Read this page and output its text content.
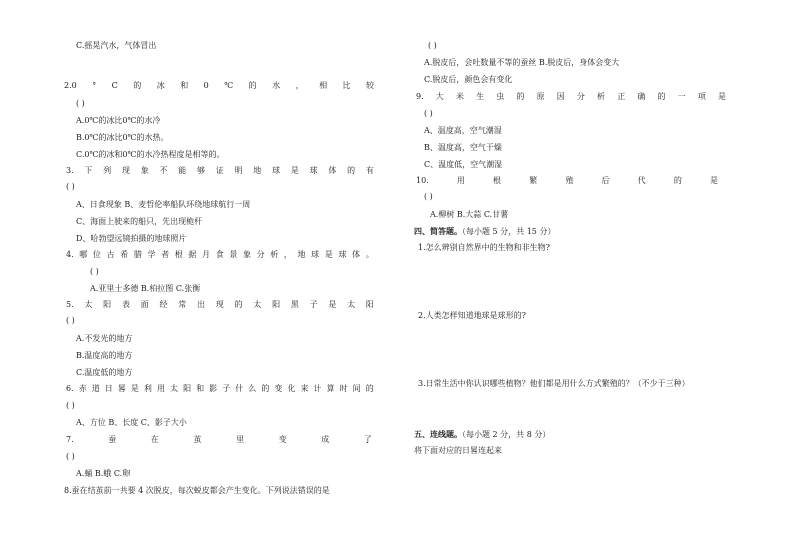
C.摇晃汽水，气体冒出
2.0 ° C 的 冰 和 0 ℃ 的 水 ， 相 比 较
( )
A.0℃的冰比0℃的水冷
B.0℃的冰比0℃的水热。
C.0℃的冰和0℃的水冷热程度是相等的。
3. 下 列 现 象 不 能 够 证 明 地 球 是 球 体 的 有
( )
A、日食现象 B、麦哲伦率船队环绕地球航行一周
C、海面上驶来的船只，先出现桅杆
D、哈勃望远镜拍摄的地球照片
4. 哪 位 古 希 腊 学 者 根 据 月 食 景 象 分 析 ， 地 球 是 球 体 。
( )
A.亚里士多德 B.柏拉图 C.张衡
5. 太 阳 表 面 经 常 出 现 的 太 阳 黑 子 是 太 阳
( )
A.不发光的地方
B.温度高的地方
C.温度低的地方
6. 赤 道 日 晷 是 利 用 太 阳 和 影 子 什 么 的 变 化 来 计 算 时 间 的
( )
A、方位 B、长度 C、影子大小
7.	蚕	在	茧	里	变	成	了
( )
A.蛹 B.蛾 C.卵
8.蚕在结茧前一共要 4 次脱皮，每次蜕皮都会产生变化。下列说法错误的是
( )
A.脱皮后，会吐数量不等的蚕丝 B.脱皮后，身体会变大
C.脱皮后，颜色会有变化
9. 大 米 生 虫 的 原 因 分 析 正 确 的 一 项 是
( )
A、温度高，空气潮湿
B、温度高，空气干燥
C、温度低，空气潮湿
10.	用	根	繁	殖	后	代	的	是
( )
A.柳树 B.大蒜 C.甘薯
四、简答题。（每小题 5 分，共 15 分）
1.怎么辨别自然界中的生物和非生物?
2.人类怎样知道地球是球形的?
3.日常生活中你认识哪些植物？他们都是用什么方式繁殖的？（不少于三种）
五、连线题。（每小题 2 分，共 8 分）
将下面对应的日晷连起来
